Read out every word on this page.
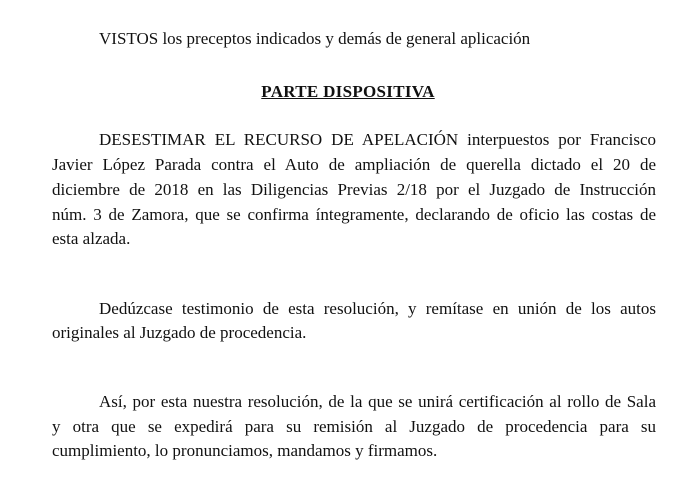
VISTOS los preceptos indicados y demás de general aplicación
PARTE DISPOSITIVA
DESESTIMAR EL RECURSO DE APELACIÓN interpuestos por Francisco
Javier López Parada contra el Auto de ampliación de querella dictado el 20 de
diciembre de 2018 en las Diligencias Previas 2/18 por el Juzgado de Instrucción
núm. 3 de Zamora, que se confirma íntegramente, declarando de oficio las costas de
esta alzada.
Dedúzcase testimonio de esta resolución, y remítase en unión de los autos
originales al Juzgado de procedencia.
Así, por esta nuestra resolución, de la que se unirá certificación al rollo de Sala
y otra que se expedirá para su remisión al Juzgado de procedencia para su
cumplimiento, lo pronunciamos, mandamos y firmamos.
